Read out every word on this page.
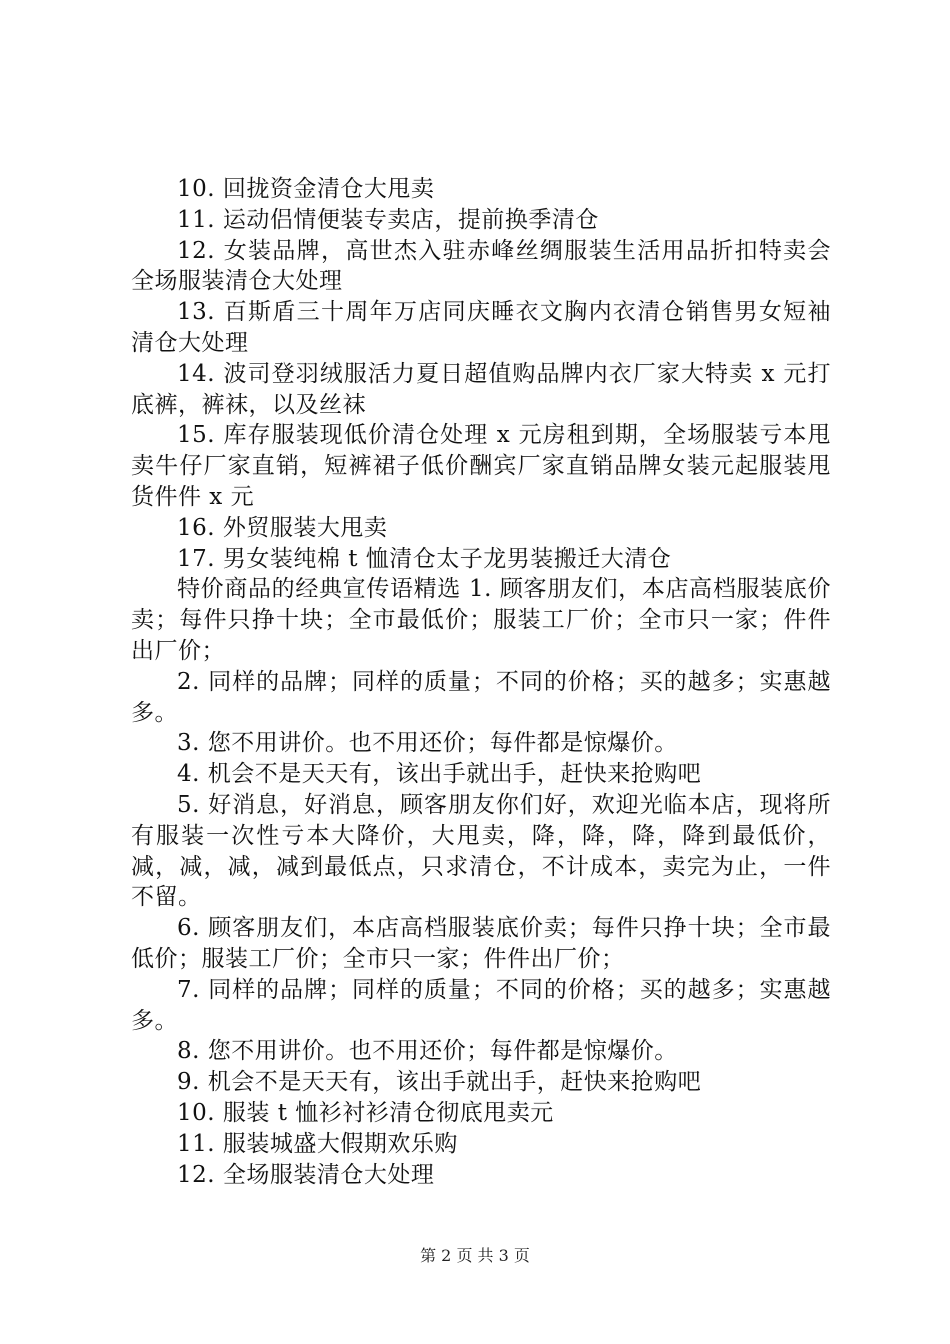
10. 回拢资金清仓大甩卖

11. 运动侣情便装专卖店，提前换季清仓

12. 女装品牌，高世杰入驻赤峰丝绸服装生活用品折扣特卖会全场服装清仓大处理

13. 百斯盾三十周年万店同庆睡衣文胸内衣清仓销售男女短袖清仓大处理

14. 波司登羽绒服活力夏日超值购品牌内衣厂家大特卖 x 元打底裤，裤袜，以及丝袜

15. 库存服装现低价清仓处理 x 元房租到期，全场服装亏本甩卖牛仔厂家直销，短裤裙子低价酬宾厂家直销品牌女装元起服装甩货件件 x 元

16. 外贸服装大甩卖

17. 男女装纯棉 t 恤清仓太子龙男装搬迁大清仓

特价商品的经典宣传语精选 1. 顾客朋友们，本店高档服装底价卖；每件只挣十块；全市最低价；服装工厂价；全市只一家；件件出厂价；

2. 同样的品牌；同样的质量；不同的价格；买的越多；实惠越多。

3. 您不用讲价。也不用还价；每件都是惊爆价。

4. 机会不是天天有，该出手就出手，赶快来抢购吧

5. 好消息，好消息，顾客朋友你们好，欢迎光临本店，现将所有服装一次性亏本大降价，大甩卖，降，降，降，降到最低价，减，减，减，减到最低点，只求清仓，不计成本，卖完为止，一件不留。

6. 顾客朋友们，本店高档服装底价卖；每件只挣十块；全市最低价；服装工厂价；全市只一家；件件出厂价；

7. 同样的品牌；同样的质量；不同的价格；买的越多；实惠越多。

8. 您不用讲价。也不用还价；每件都是惊爆价。

9. 机会不是天天有，该出手就出手，赶快来抢购吧

10. 服装 t 恤衫衬衫清仓彻底甩卖元

11. 服装城盛大假期欢乐购

12. 全场服装清仓大处理

第 2 页 共 3 页
